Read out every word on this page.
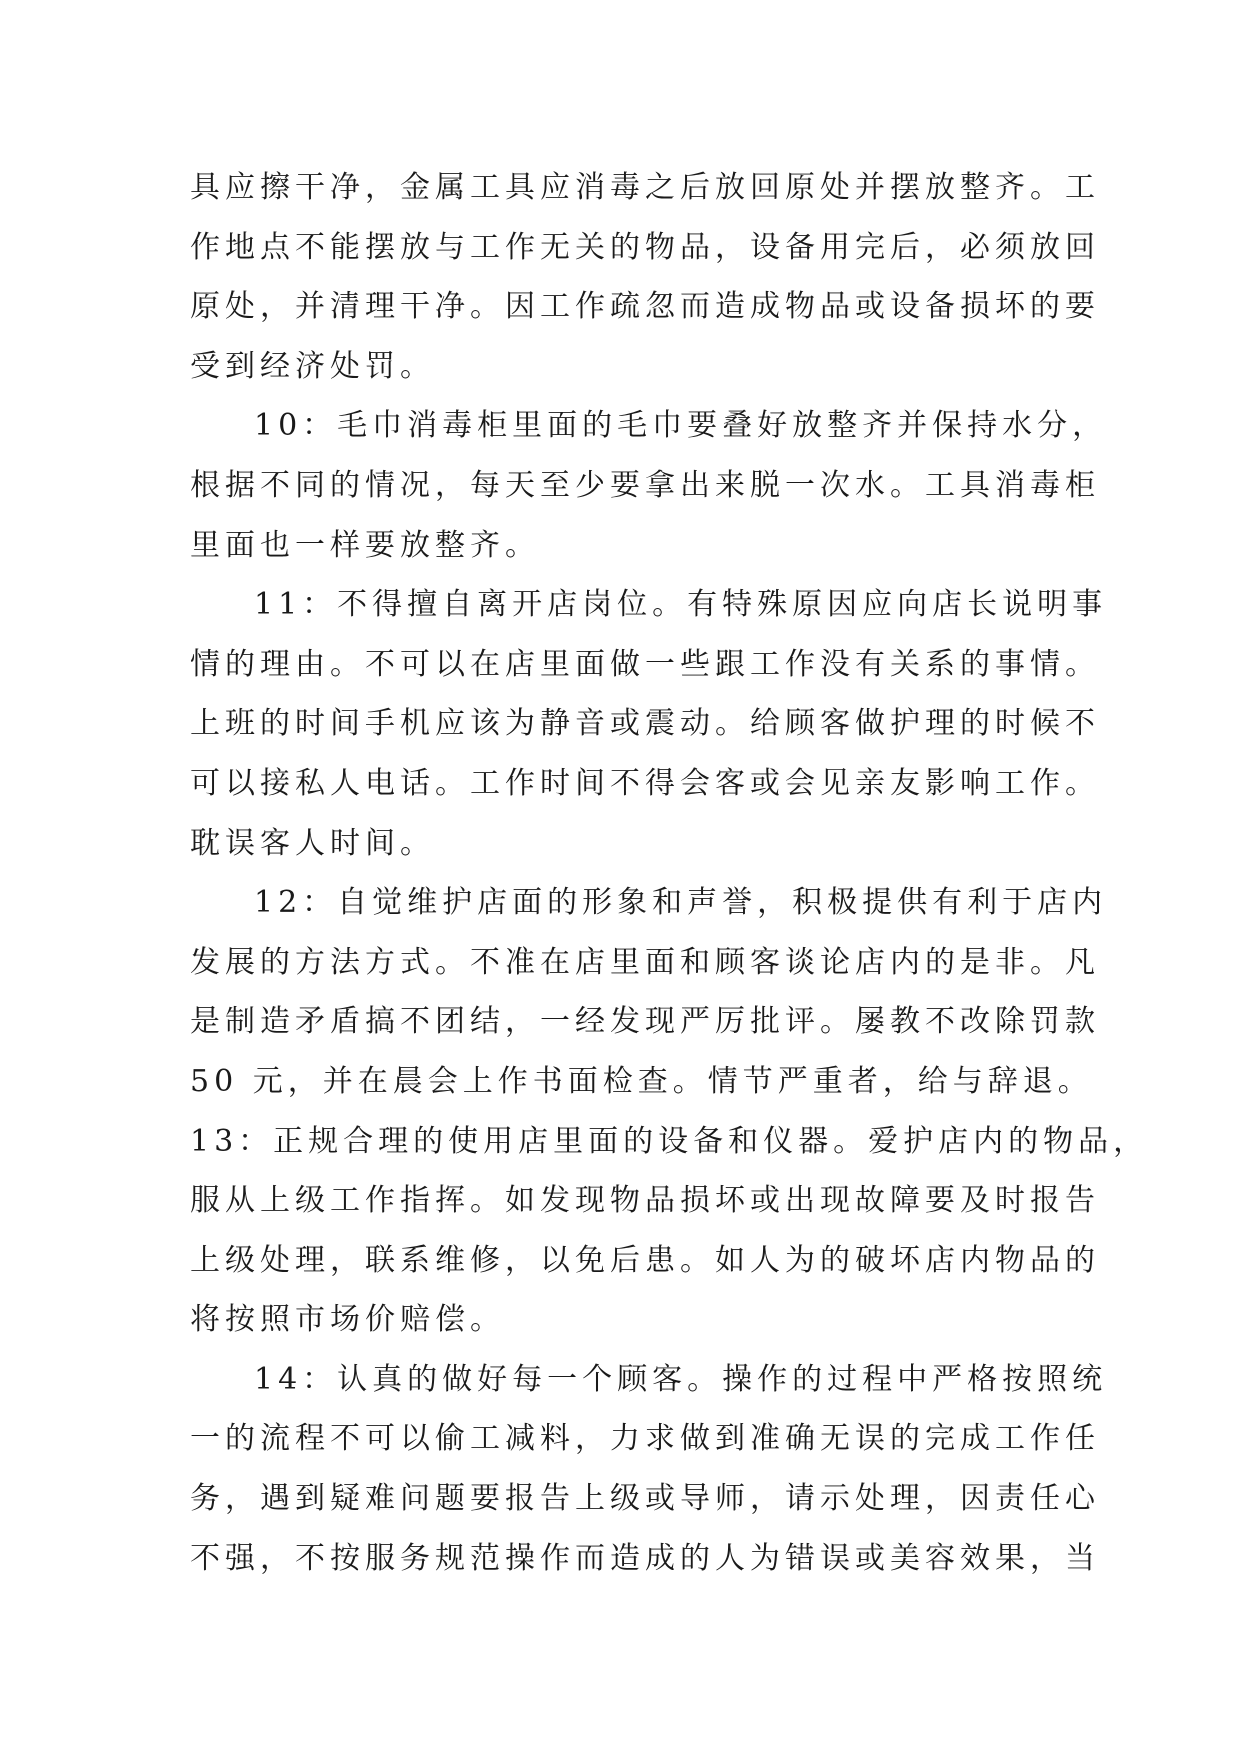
具应擦干净，金属工具应消毒之后放回原处并摆放整齐。工
作地点不能摆放与工作无关的物品，设备用完后，必须放回
原处，并清理干净。因工作疏忽而造成物品或设备损坏的要
受到经济处罚。
10：毛巾消毒柜里面的毛巾要叠好放整齐并保持水分，
根据不同的情况，每天至少要拿出来脱一次水。工具消毒柜
里面也一样要放整齐。
11：不得擅自离开店岗位。有特殊原因应向店长说明事
情的理由。不可以在店里面做一些跟工作没有关系的事情。
上班的时间手机应该为静音或震动。给顾客做护理的时候不
可以接私人电话。工作时间不得会客或会见亲友影响工作。
耽误客人时间。
12：自觉维护店面的形象和声誉，积极提供有利于店内
发展的方法方式。不准在店里面和顾客谈论店内的是非。凡
是制造矛盾搞不团结，一经发现严厉批评。屡教不改除罚款
50 元，并在晨会上作书面检查。情节严重者，给与辞退。
13：正规合理的使用店里面的设备和仪器。爱护店内的物品，
服从上级工作指挥。如发现物品损坏或出现故障要及时报告
上级处理，联系维修，以免后患。如人为的破坏店内物品的
将按照市场价赔偿。
14：认真的做好每一个顾客。操作的过程中严格按照统
一的流程不可以偷工减料，力求做到准确无误的完成工作任
务，遇到疑难问题要报告上级或导师，请示处理，因责任心
不强，不按服务规范操作而造成的人为错误或美容效果，当
